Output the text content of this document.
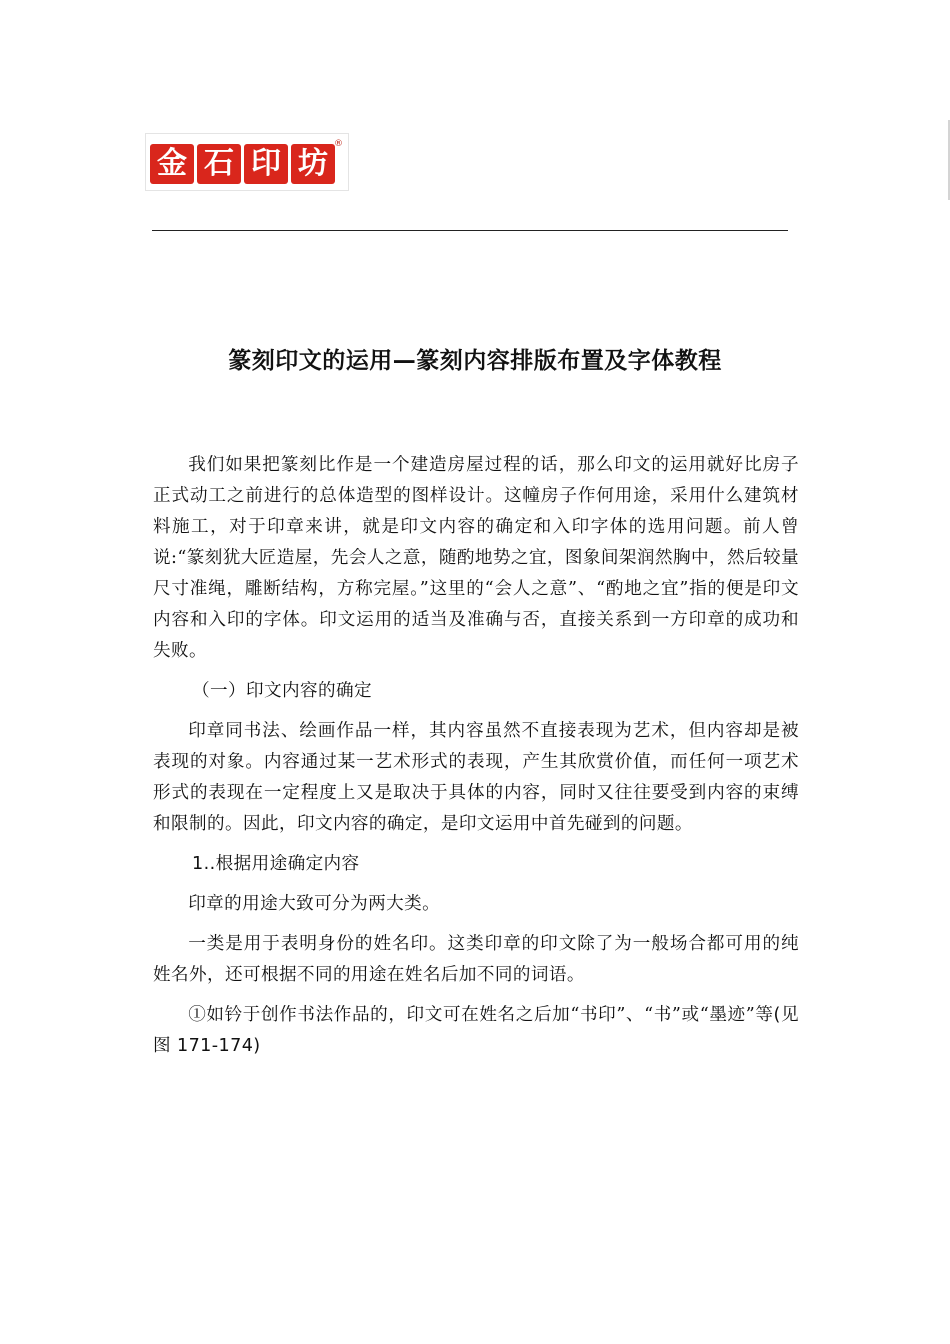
金 石 印 坊
®
篆刻印文的运用—篆刻内容排版布置及字体教程

我们如果把篆刻比作是一个建造房屋过程的话，那么印文的运用就好比房子正式动工之前进行的总体造型的图样设计。这幢房子作何用途，采用什么建筑材料施工，对于印章来讲，就是印文内容的确定和入印字体的选用问题。前人曾说:“篆刻犹大匠造屋，先会人之意，随酌地势之宜，图象间架润然胸中，然后较量尺寸准绳，雕断结构，方称完屋。”这里的“会人之意”、“酌地之宜”指的便是印文内容和入印的字体。印文运用的适当及准确与否，直接关系到一方印章的成功和失败。

（一）印文内容的确定

印章同书法、绘画作品一样，其内容虽然不直接表现为艺术，但内容却是被表现的对象。内容通过某一艺术形式的表现，产生其欣赏价值，而任何一项艺术形式的表现在一定程度上又是取决于具体的内容，同时又往往要受到内容的束缚和限制的。因此，印文内容的确定，是印文运用中首先碰到的问题。

1..根据用途确定内容

印章的用途大致可分为两大类。

一类是用于表明身份的姓名印。这类印章的印文除了为一般场合都可用的纯姓名外，还可根据不同的用途在姓名后加不同的词语。

①如钤于创作书法作品的，印文可在姓名之后加“书印”、“书”或“墨迹”等(见图 171-174)
